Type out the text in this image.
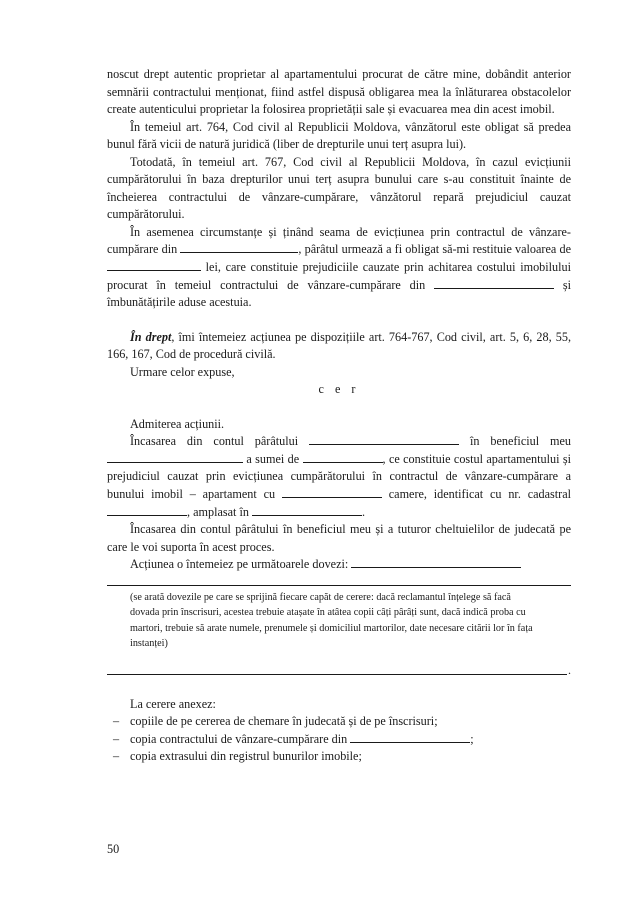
noscut drept autentic proprietar al apartamentului procurat de către mine, dobândit anterior semnării contractului menționat, fiind astfel dispusă obligarea mea la înlăturarea obstacolelor create autenticului proprietar la folosirea proprietății sale și evacuarea mea din acest imobil.

În temeiul art. 764, Cod civil al Republicii Moldova, vânzătorul este obligat să predea bunul fără vicii de natură juridică (liber de drepturile unui terț asupra lui).

Totodată, în temeiul art. 767, Cod civil al Republicii Moldova, în cazul evicțiunii cumpărătorului în baza drepturilor unui terț asupra bunului care s-au constituit înainte de încheierea contractului de vânzare-cumpărare, vânzătorul repară prejudiciul cauzat cumpărătorului.

În asemenea circumstanțe și ținând seama de evicțiunea prin contractul de vânzare-cumpărare din	, pârâtul urmează a fi obligat să-mi restituie valoarea de  lei, care constituie prejudiciile cauzate prin achitarea costului imobilului procurat în temeiul contractului de vânzare-cumpărare din	și îmbunătățirile aduse acestuia.

În drept, îmi întemeiez acțiunea pe dispozițiile art. 764-767, Cod civil, art. 5, 6, 28, 55, 166, 167, Cod de procedură civilă.

Urmare celor expuse,

c e r

Admiterea acțiunii.

Încasarea din contul pârâtului	în beneficiul meu  a sumei de	, ce constituie costul apartamentului și prejudiciul cauzat prin evicțiunea cumpărătorului în contractul de vânzare-cumpărare a bunului imobil – apartament cu	camere, identificat cu nr. cadastral , amplasat în	.

Încasarea din contul pârâtului în beneficiul meu și a tuturor cheltuielilor de judecată pe care le voi suporta în acest proces.

Acțiunea o întemeiez pe următoarele dovezi:

(se arată dovezile pe care se sprijină fiecare capăt de cerere: dacă reclamantul înțelege să facă dovada prin înscrisuri, acestea trebuie atașate în atâtea copii câți pârâți sunt, dacă indică proba cu martori, trebuie să arate numele, prenumele și domiciliul martorilor, date necesare citării lor în fața instanței)

.

La cerere anexez:

– copiile de pe cererea de chemare în judecată și de pe înscrisuri;

– copia contractului de vânzare-cumpărare din	;

– copia extrasului din registrul bunurilor imobile;

50
